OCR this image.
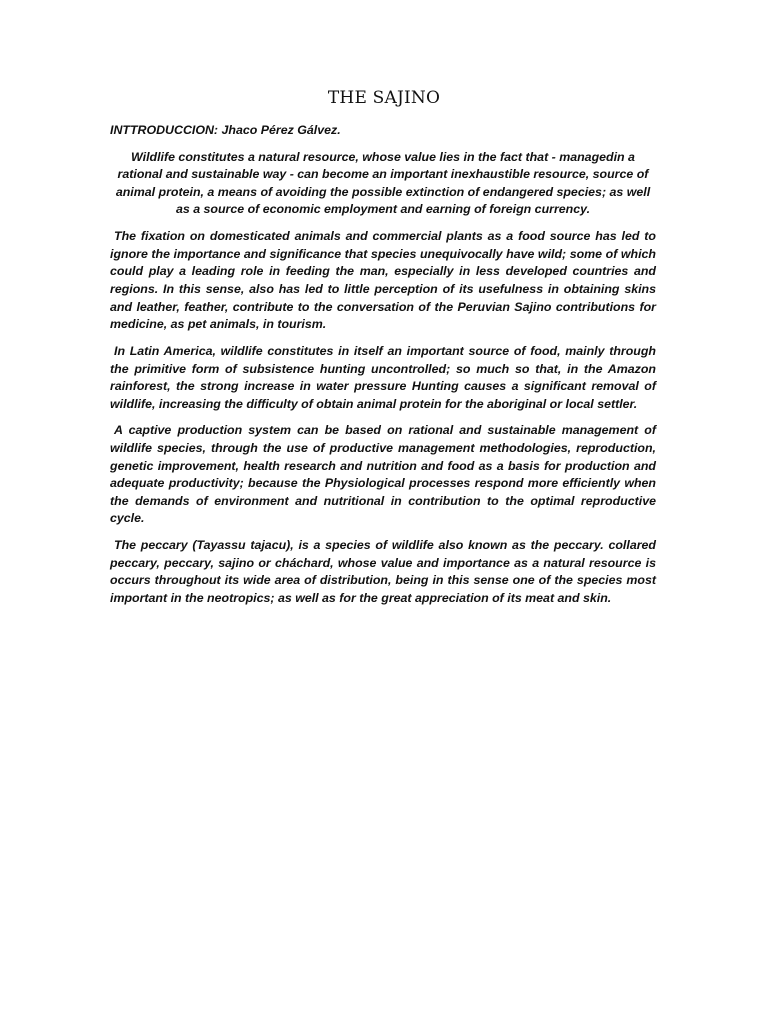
THE SAJINO

INTTRODUCCION: Jhaco Pérez Gálvez.

Wildlife constitutes a natural resource, whose value lies in the fact that - managedin a rational and sustainable way - can become an important inexhaustible resource, source of animal protein, a means of avoiding the possible extinction of endangered species; as well as a source of economic employment and earning of foreign currency.

The fixation on domesticated animals and commercial plants as a food source has led to ignore the importance and significance that species unequivocally have wild; some of which could play a leading role in feeding the man, especially in less developed countries and regions. In this sense, also has led to little perception of its usefulness in obtaining skins and leather, feather, contribute to the conversation of the Peruvian Sajino contributions for medicine, as pet animals, in tourism.

In Latin America, wildlife constitutes in itself an important source of food, mainly through the primitive form of subsistence hunting uncontrolled; so much so that, in the Amazon rainforest, the strong increase in water pressure Hunting causes a significant removal of wildlife, increasing the difficulty of obtain animal protein for the aboriginal or local settler.

A captive production system can be based on rational and sustainable management of wildlife species, through the use of productive management methodologies, reproduction, genetic improvement, health research and nutrition and food as a basis for production and adequate productivity; because the Physiological processes respond more efficiently when the demands of environment and nutritional in contribution to the optimal reproductive cycle.

The peccary (Tayassu tajacu), is a species of wildlife also known as the peccary. collared peccary, peccary, sajino or cháchard, whose value and importance as a natural resource is occurs throughout its wide area of distribution, being in this sense one of the species most important in the neotropics; as well as for the great appreciation of its meat and skin.
